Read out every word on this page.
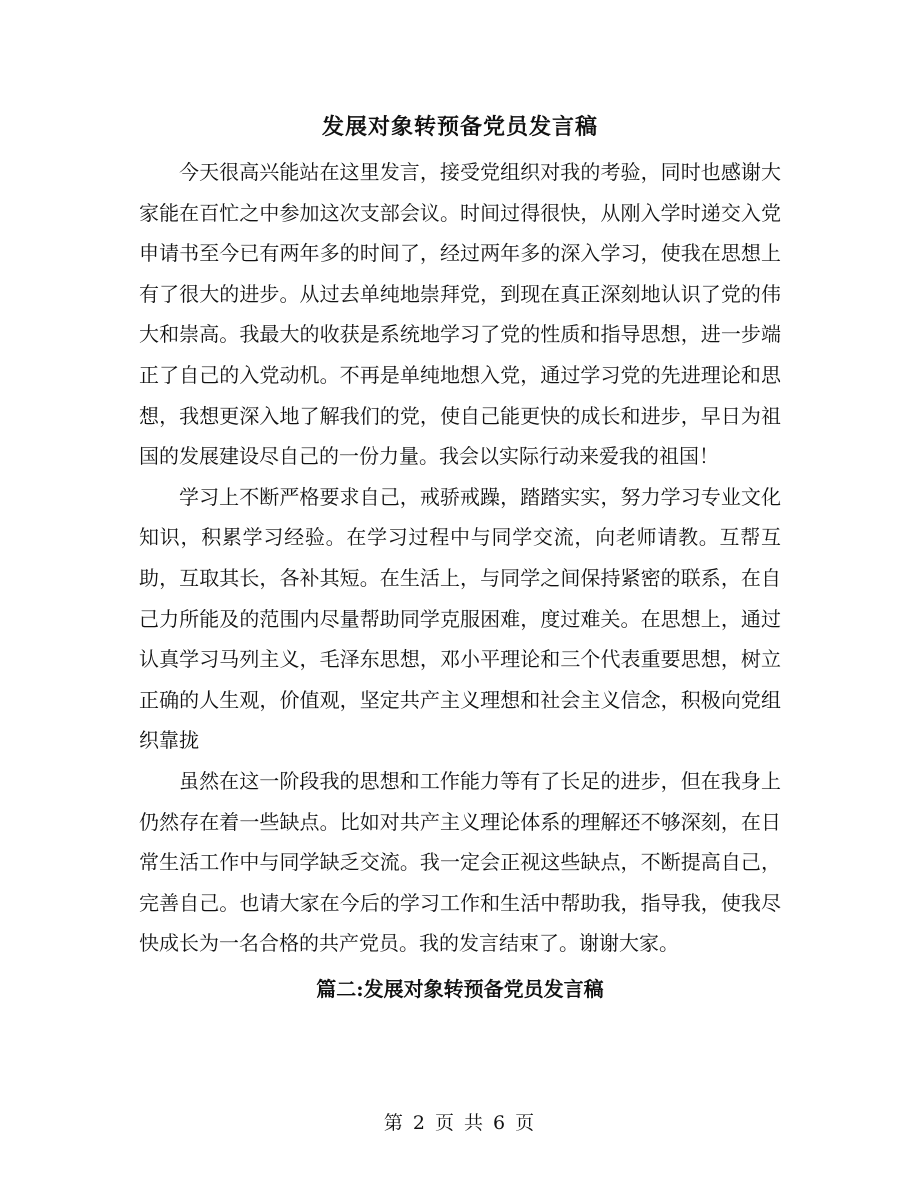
发展对象转预备党员发言稿

今天很高兴能站在这里发言，接受党组织对我的考验，同时也感谢大家能在百忙之中参加这次支部会议。时间过得很快，从刚入学时递交入党申请书至今已有两年多的时间了，经过两年多的深入学习，使我在思想上有了很大的进步。从过去单纯地崇拜党，到现在真正深刻地认识了党的伟大和崇高。我最大的收获是系统地学习了党的性质和指导思想，进一步端正了自己的入党动机。不再是单纯地想入党，通过学习党的先进理论和思想，我想更深入地了解我们的党，使自己能更快的成长和进步，早日为祖国的发展建设尽自己的一份力量。我会以实际行动来爱我的祖国！

学习上不断严格要求自己，戒骄戒躁，踏踏实实，努力学习专业文化知识，积累学习经验。在学习过程中与同学交流，向老师请教。互帮互助，互取其长，各补其短。在生活上，与同学之间保持紧密的联系，在自己力所能及的范围内尽量帮助同学克服困难，度过难关。在思想上，通过认真学习马列主义，毛泽东思想，邓小平理论和三个代表重要思想，树立正确的人生观，价值观，坚定共产主义理想和社会主义信念，积极向党组织靠拢

虽然在这一阶段我的思想和工作能力等有了长足的进步，但在我身上仍然存在着一些缺点。比如对共产主义理论体系的理解还不够深刻，在日常生活工作中与同学缺乏交流。我一定会正视这些缺点，不断提高自己，完善自己。也请大家在今后的学习工作和生活中帮助我，指导我，使我尽快成长为一名合格的共产党员。我的发言结束了。谢谢大家。

篇二:发展对象转预备党员发言稿
第 2 页 共 6 页
